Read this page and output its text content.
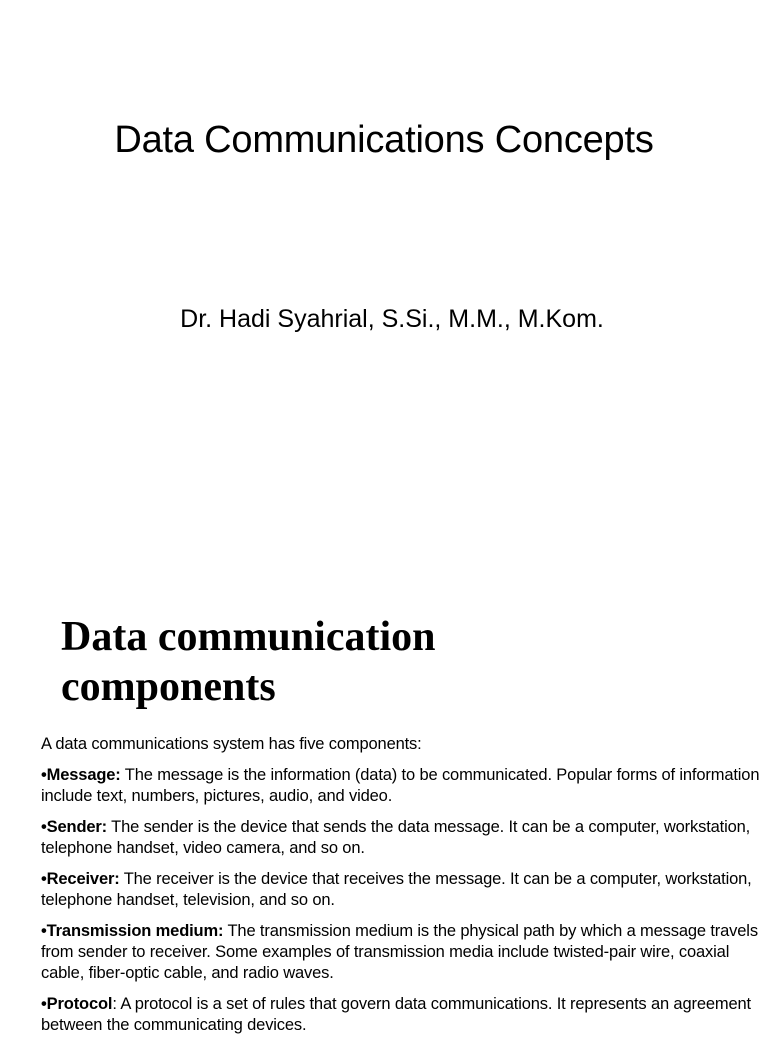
Data Communications Concepts
Dr. Hadi Syahrial, S.Si., M.M., M.Kom.
Data communication
components

A data communications system has five components:

•Message: The message is the information (data) to be communicated. Popular forms of information include text, numbers, pictures, audio, and video.

•Sender: The sender is the device that sends the data message. It can be a computer, workstation, telephone handset, video camera, and so on.

•Receiver: The receiver is the device that receives the message. It can be a computer, workstation, telephone handset, television, and so on.

•Transmission medium: The transmission medium is the physical path by which a message travels from sender to receiver. Some examples of transmission media include twisted-pair wire, coaxial cable, fiber-optic cable, and radio waves.

•Protocol: A protocol is a set of rules that govern data communications. It represents an agreement between the communicating devices.
